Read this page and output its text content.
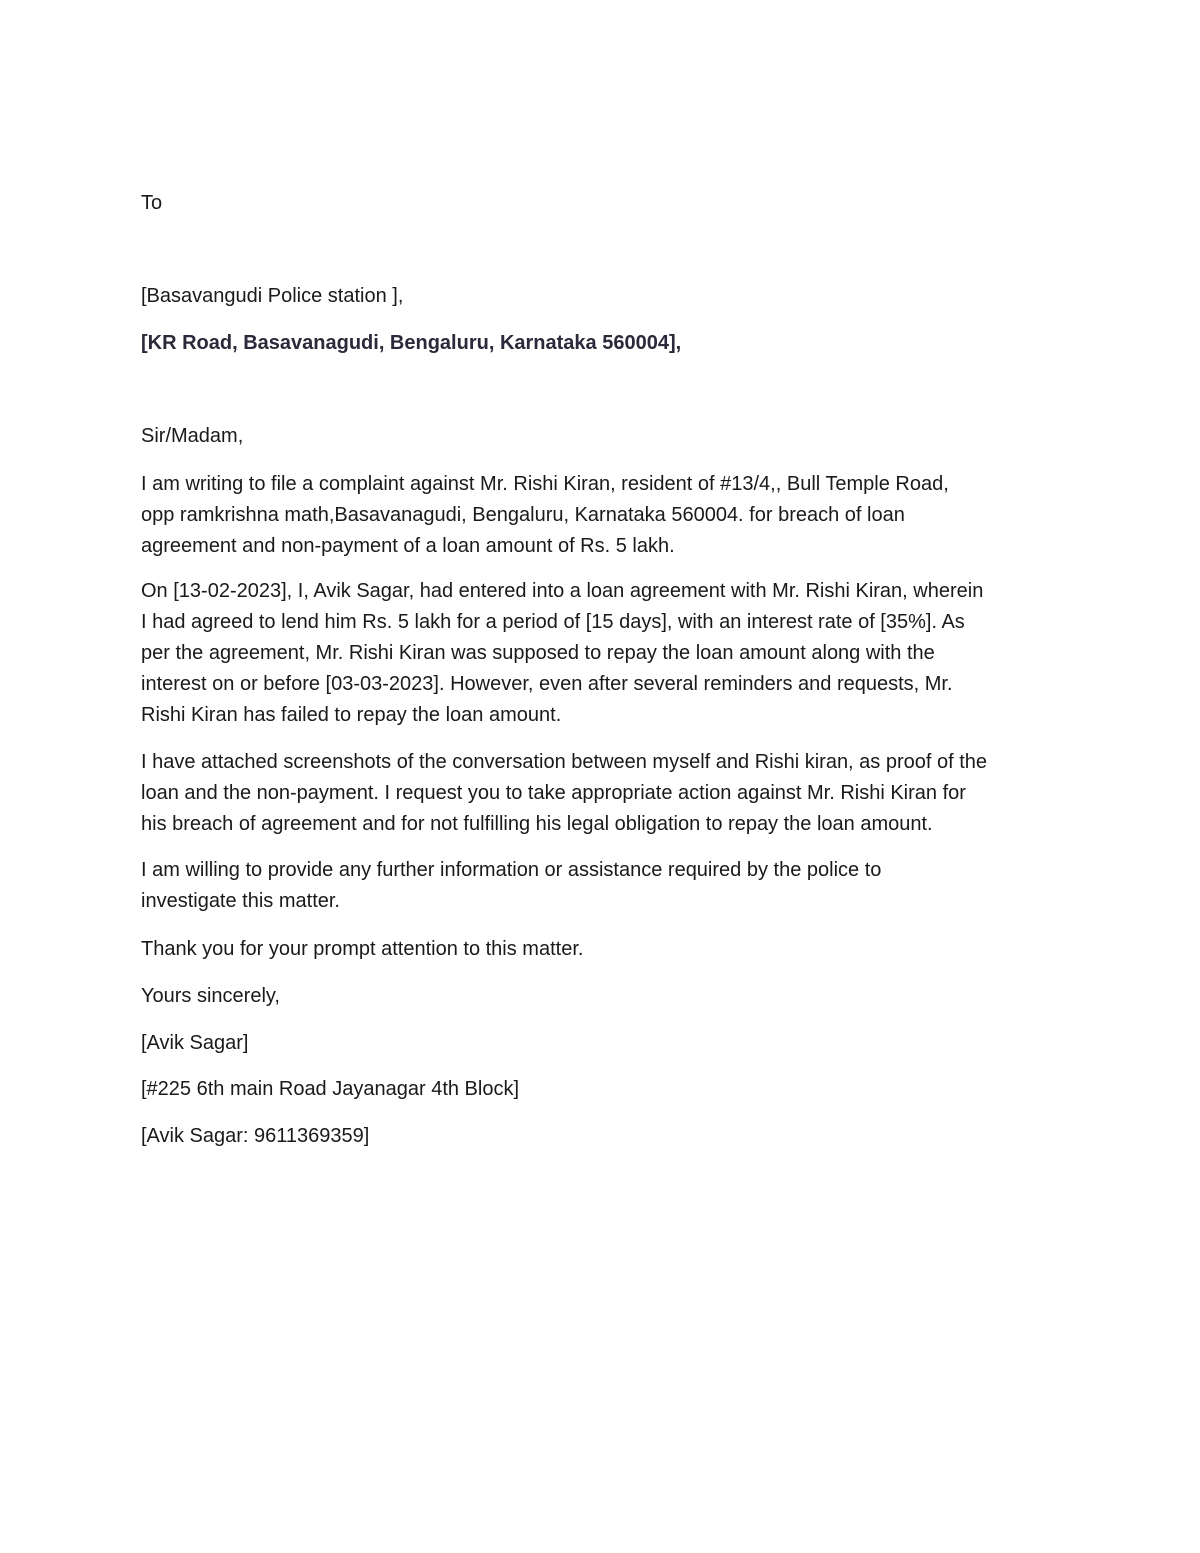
To

[Basavangudi Police station ],

[KR Road, Basavanagudi, Bengaluru, Karnataka 560004],

Sir/Madam,

I am writing to file a complaint against Mr. Rishi Kiran, resident of #13/4,, Bull Temple Road,
opp ramkrishna math,Basavanagudi, Bengaluru, Karnataka 560004. for breach of loan
agreement and non-payment of a loan amount of Rs. 5 lakh.
On [13-02-2023], I, Avik Sagar, had entered into a loan agreement with Mr. Rishi Kiran, wherein
I had agreed to lend him Rs. 5 lakh for a period of [15 days], with an interest rate of [35%]. As
per the agreement, Mr. Rishi Kiran was supposed to repay the loan amount along with the
interest on or before [03-03-2023]. However, even after several reminders and requests, Mr.
Rishi Kiran has failed to repay the loan amount.
I have attached screenshots of the conversation between myself and Rishi kiran, as proof of the
loan and the non-payment. I request you to take appropriate action against Mr. Rishi Kiran for
his breach of agreement and for not fulfilling his legal obligation to repay the loan amount.
I am willing to provide any further information or assistance required by the police to
investigate this matter.

Thank you for your prompt attention to this matter.

Yours sincerely,

[Avik Sagar]

[#225 6th main Road Jayanagar 4th Block]

[Avik Sagar: 9611369359]
